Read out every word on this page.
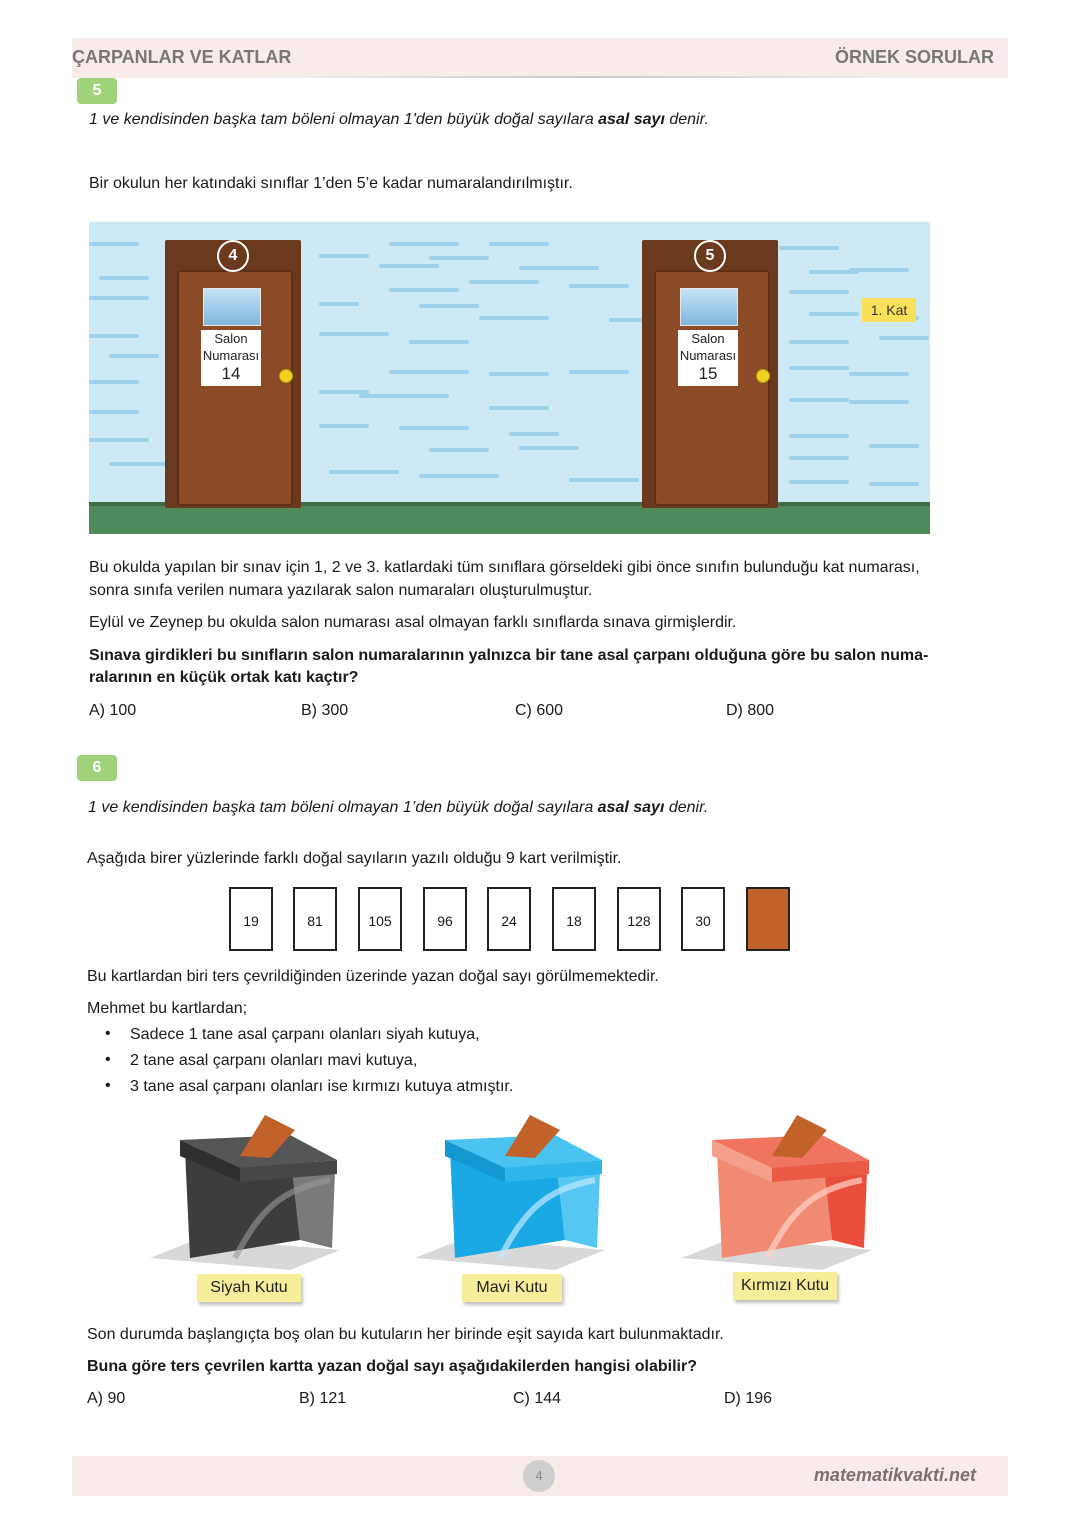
ÇARPANLAR VE KATLAR	ÖRNEK SORULAR
5
1 ve kendisinden başka tam böleni olmayan 1'den büyük doğal sayılara asal sayı denir.
Bir okulun her katındaki sınıflar 1’den 5’e kadar numaralandırılmıştır.
Salon
Numarası
14
4
Salon
Numarası
15
5
1. Kat
Bu okulda yapılan bir sınav için 1, 2 ve 3. katlardaki tüm sınıflara görseldeki gibi önce sınıfın bulunduğu kat numarası,
sonra sınıfa verilen numara yazılarak salon numaraları oluşturulmuştur.
Eylül ve Zeynep bu okulda salon numarası asal olmayan farklı sınıflarda sınava girmişlerdir.
Sınava girdikleri bu sınıfların salon numaralarının yalnızca bir tane asal çarpanı olduğuna göre bu salon numa-
ralarının en küçük ortak katı kaçtır?
A) 100	B) 300	C) 600	D) 800
6
1 ve kendisinden başka tam böleni olmayan 1’den büyük doğal sayılara asal sayı denir.
Aşağıda birer yüzlerinde farklı doğal sayıların yazılı olduğu 9 kart verilmiştir.
19	81	105	96	24	18	128	30
Bu kartlardan biri ters çevrildiğinden üzerinde yazan doğal sayı görülmemektedir.
Mehmet bu kartlardan;
• Sadece 1 tane asal çarpanı olanları siyah kutuya,
• 2 tane asal çarpanı olanları mavi kutuya,
• 3 tane asal çarpanı olanları ise kırmızı kutuya atmıştır.
Siyah Kutu	Mavi Kutu	Kırmızı Kutu
Son durumda başlangıçta boş olan bu kutuların her birinde eşit sayıda kart bulunmaktadır.
Buna göre ters çevrilen kartta yazan doğal sayı aşağıdakilerden hangisi olabilir?
A) 90	B) 121	C) 144	D) 196
matematikvakti.net
4
